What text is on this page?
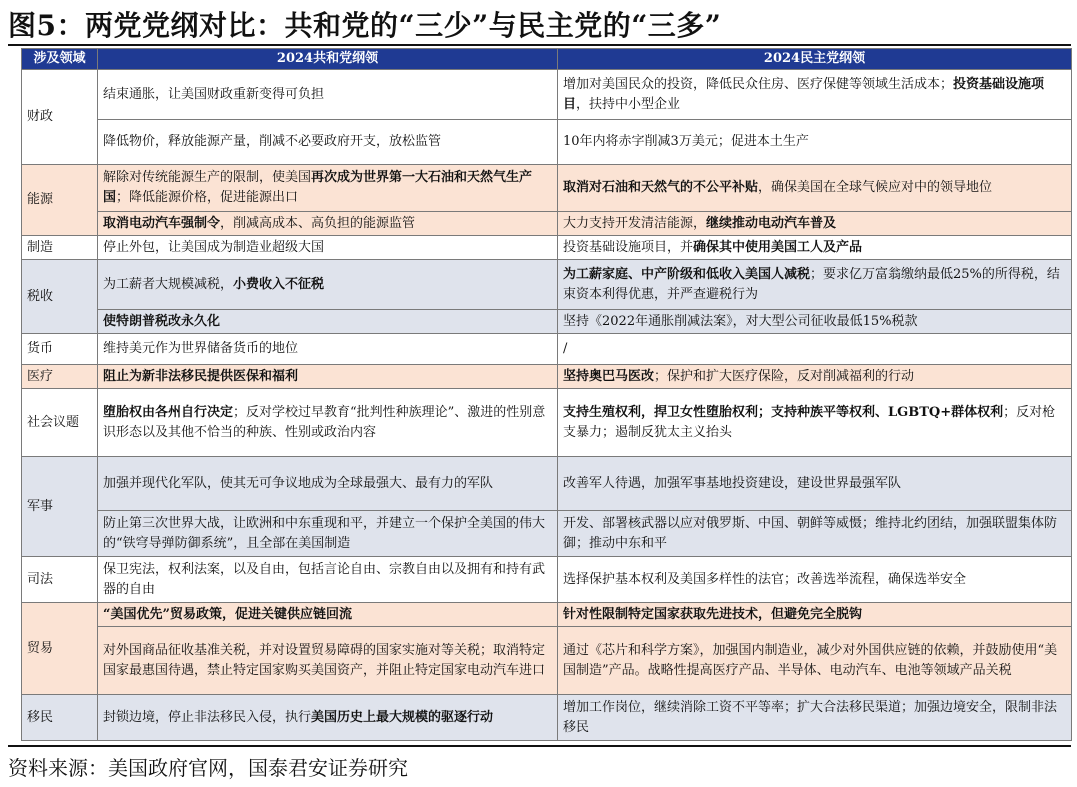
图5：两党党纲对比：共和党的“三少”与民主党的“三多”
涉及领域	2024共和党纲领	2024民主党纲领
财政	结束通胀，让美国财政重新变得可负担	增加对美国民众的投资，降低民众住房、医疗保健等领域生活成本；投资基础设施项目，扶持中小型企业
	降低物价，释放能源产量，削减不必要政府开支，放松监管	10年内将赤字削减3万美元；促进本土生产
能源	解除对传统能源生产的限制，使美国再次成为世界第一大石油和天然气生产国；降低能源价格，促进能源出口	取消对石油和天然气的不公平补贴，确保美国在全球气候应对中的领导地位
	取消电动汽车强制令，削减高成本、高负担的能源监管	大力支持开发清洁能源，继续推动电动汽车普及
制造	停止外包，让美国成为制造业超级大国	投资基础设施项目，并确保其中使用美国工人及产品
税收	为工薪者大规模减税，小费收入不征税	为工薪家庭、中产阶级和低收入美国人减税；要求亿万富翁缴纳最低25%的所得税，结束资本利得优惠，并严查避税行为
	使特朗普税改永久化	坚持《2022年通胀削减法案》，对大型公司征收最低15%税款
货币	维持美元作为世界储备货币的地位	/
医疗	阻止为新非法移民提供医保和福利	坚持奥巴马医改；保护和扩大医疗保险，反对削减福利的行动
社会议题	堕胎权由各州自行决定；反对学校过早教育“批判性种族理论”、激进的性别意识形态以及其他不恰当的种族、性别或政治内容	支持生殖权利，捍卫女性堕胎权利；支持种族平等权利、LGBTQ+群体权利；反对枪支暴力；遏制反犹太主义抬头
军事	加强并现代化军队，使其无可争议地成为全球最强大、最有力的军队	改善军人待遇，加强军事基地投资建设，建设世界最强军队
	防止第三次世界大战，让欧洲和中东重现和平，并建立一个保护全美国的伟大的“铁穹导弹防御系统”，且全部在美国制造	开发、部署核武器以应对俄罗斯、中国、朝鲜等威慑；维持北约团结，加强联盟集体防御；推动中东和平
司法	保卫宪法，权利法案，以及自由，包括言论自由、宗教自由以及拥有和持有武器的自由	选择保护基本权利及美国多样性的法官；改善选举流程，确保选举安全
贸易	“美国优先”贸易政策，促进关键供应链回流	针对性限制特定国家获取先进技术，但避免完全脱钩
	对外国商品征收基准关税，并对设置贸易障碍的国家实施对等关税；取消特定国家最惠国待遇，禁止特定国家购买美国资产，并阻止特定国家电动汽车进口	通过《芯片和科学方案》，加强国内制造业，减少对外国供应链的依赖，并鼓励使用“美国制造”产品。战略性提高医疗产品、半导体、电动汽车、电池等领域产品关税
移民	封锁边境，停止非法移民入侵，执行美国历史上最大规模的驱逐行动	增加工作岗位，继续消除工资不平等率；扩大合法移民渠道；加强边境安全，限制非法移民
资料来源：美国政府官网，国泰君安证券研究
